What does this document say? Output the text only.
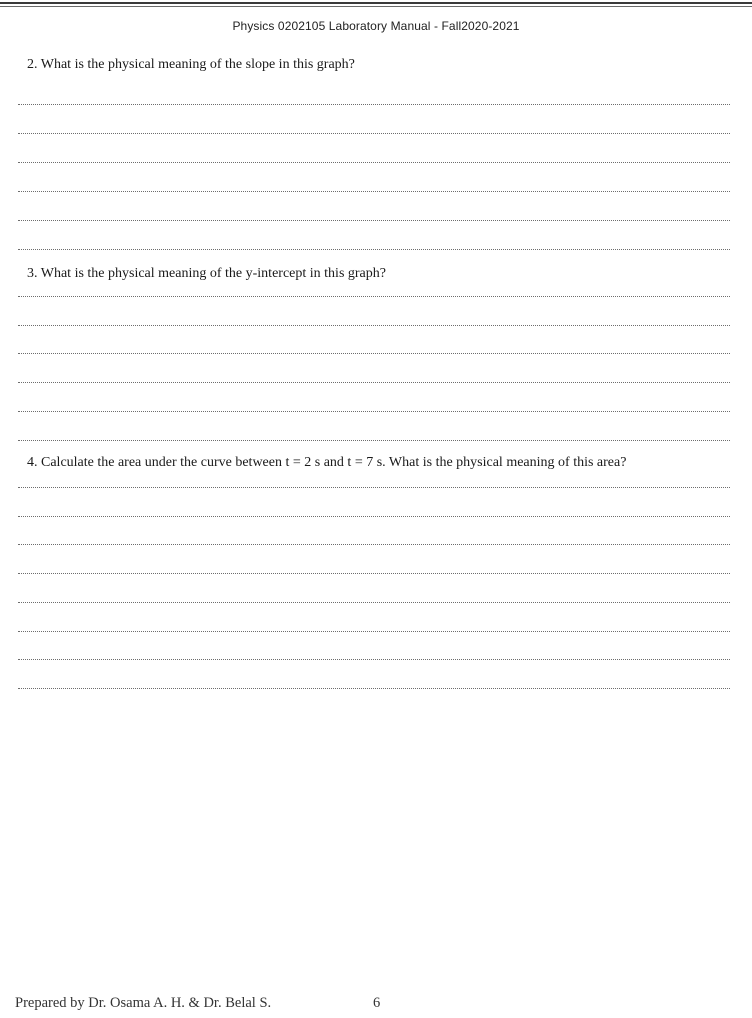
Physics 0202105 Laboratory Manual - Fall2020-2021
2. What is the physical meaning of the slope in this graph?
3. What is the physical meaning of the y-intercept in this graph?
4. Calculate the area under the curve between t = 2 s and t = 7 s. What is the physical meaning of this area?
Prepared by Dr. Osama A. H. & Dr. Belal S.	6
